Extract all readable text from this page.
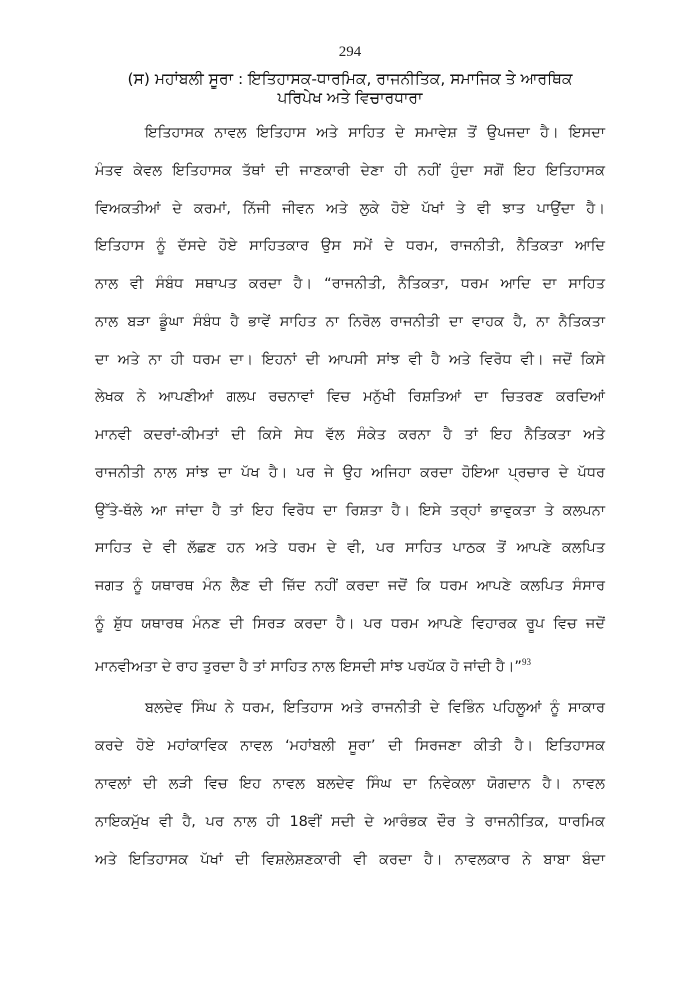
294
(ਸ) ਮਹਾਂਬਲੀ ਸੂਰਾ : ਇਤਿਹਾਸਕ-ਧਾਰਮਿਕ, ਰਾਜਨੀਤਿਕ, ਸਮਾਜਿਕ ਤੇ ਆਰਥਿਕ
ਪਰਿਪੇਖ ਅਤੇ ਵਿਚਾਰਧਾਰਾ
ਇਤਿਹਾਸਕ ਨਾਵਲ ਇਤਿਹਾਸ ਅਤੇ ਸਾਹਿਤ ਦੇ ਸਮਾਵੇਸ਼ ਤੋਂ ਉਪਜਦਾ ਹੈ। ਇਸਦਾ
ਮੰਤਵ ਕੇਵਲ ਇਤਿਹਾਸਕ ਤੱਥਾਂ ਦੀ ਜਾਣਕਾਰੀ ਦੇਣਾ ਹੀ ਨਹੀਂ ਹੁੰਦਾ ਸਗੋਂ ਇਹ ਇਤਿਹਾਸਕ
ਵਿਅਕਤੀਆਂ ਦੇ ਕਰਮਾਂ, ਨਿੱਜੀ ਜੀਵਨ ਅਤੇ ਲੁਕੇ ਹੋਏ ਪੱਖਾਂ ਤੇ ਵੀ ਝਾਤ ਪਾਉਂਦਾ ਹੈ।
ਇਤਿਹਾਸ ਨੂੰ ਦੱਸਦੇ ਹੋਏ ਸਾਹਿਤਕਾਰ ਉਸ ਸਮੇਂ ਦੇ ਧਰਮ, ਰਾਜਨੀਤੀ, ਨੈਤਿਕਤਾ ਆਦਿ
ਨਾਲ ਵੀ ਸੰਬੰਧ ਸਥਾਪਤ ਕਰਦਾ ਹੈ। “ਰਾਜਨੀਤੀ, ਨੈਤਿਕਤਾ, ਧਰਮ ਆਦਿ ਦਾ ਸਾਹਿਤ
ਨਾਲ ਬੜਾ ਡੂੰਘਾ ਸੰਬੰਧ ਹੈ ਭਾਵੇਂ ਸਾਹਿਤ ਨਾ ਨਿਰੋਲ ਰਾਜਨੀਤੀ ਦਾ ਵਾਹਕ ਹੈ, ਨਾ ਨੈਤਿਕਤਾ
ਦਾ ਅਤੇ ਨਾ ਹੀ ਧਰਮ ਦਾ। ਇਹਨਾਂ ਦੀ ਆਪਸੀ ਸਾਂਝ ਵੀ ਹੈ ਅਤੇ ਵਿਰੋਧ ਵੀ। ਜਦੋਂ ਕਿਸੇ
ਲੇਖਕ ਨੇ ਆਪਣੀਆਂ ਗਲਪ ਰਚਨਾਵਾਂ ਵਿਚ ਮਨੁੱਖੀ ਰਿਸ਼ਤਿਆਂ ਦਾ ਚਿਤਰਣ ਕਰਦਿਆਂ
ਮਾਨਵੀ ਕਦਰਾਂ-ਕੀਮਤਾਂ ਦੀ ਕਿਸੇ ਸੇਧ ਵੱਲ ਸੰਕੇਤ ਕਰਨਾ ਹੈ ਤਾਂ ਇਹ ਨੈਤਿਕਤਾ ਅਤੇ
ਰਾਜਨੀਤੀ ਨਾਲ ਸਾਂਝ ਦਾ ਪੱਖ ਹੈ। ਪਰ ਜੇ ਉਹ ਅਜਿਹਾ ਕਰਦਾ ਹੋਇਆ ਪ੍ਰਚਾਰ ਦੇ ਪੱਧਰ
ਉੱਤੇ-ਥੱਲੇ ਆ ਜਾਂਦਾ ਹੈ ਤਾਂ ਇਹ ਵਿਰੋਧ ਦਾ ਰਿਸ਼ਤਾ ਹੈ। ਇਸੇ ਤਰ੍ਹਾਂ ਭਾਵੁਕਤਾ ਤੇ ਕਲਪਨਾ
ਸਾਹਿਤ ਦੇ ਵੀ ਲੱਛਣ ਹਨ ਅਤੇ ਧਰਮ ਦੇ ਵੀ, ਪਰ ਸਾਹਿਤ ਪਾਠਕ ਤੋਂ ਆਪਣੇ ਕਲਪਿਤ
ਜਗਤ ਨੂੰ ਯਥਾਰਥ ਮੰਨ ਲੈਣ ਦੀ ਜ਼ਿੱਦ ਨਹੀਂ ਕਰਦਾ ਜਦੋਂ ਕਿ ਧਰਮ ਆਪਣੇ ਕਲਪਿਤ ਸੰਸਾਰ
ਨੂੰ ਸ਼ੁੱਧ ਯਥਾਰਥ ਮੰਨਣ ਦੀ ਸਿਰੜ ਕਰਦਾ ਹੈ। ਪਰ ਧਰਮ ਆਪਣੇ ਵਿਹਾਰਕ ਰੂਪ ਵਿਚ ਜਦੋਂ
ਮਾਨਵੀਅਤਾ ਦੇ ਰਾਹ ਤੁਰਦਾ ਹੈ ਤਾਂ ਸਾਹਿਤ ਨਾਲ ਇਸਦੀ ਸਾਂਝ ਪਰਪੱਕ ਹੋ ਜਾਂਦੀ ਹੈ।”$^{93}$
ਬਲਦੇਵ ਸਿੰਘ ਨੇ ਧਰਮ, ਇਤਿਹਾਸ ਅਤੇ ਰਾਜਨੀਤੀ ਦੇ ਵਿਭਿੰਨ ਪਹਿਲੂਆਂ ਨੂੰ ਸਾਕਾਰ
ਕਰਦੇ ਹੋਏ ਮਹਾਂਕਾਵਿਕ ਨਾਵਲ ‘ਮਹਾਂਬਲੀ ਸੂਰਾ’ ਦੀ ਸਿਰਜਣਾ ਕੀਤੀ ਹੈ। ਇਤਿਹਾਸਕ
ਨਾਵਲਾਂ ਦੀ ਲੜੀ ਵਿਚ ਇਹ ਨਾਵਲ ਬਲਦੇਵ ਸਿੰਘ ਦਾ ਨਿਵੇਕਲਾ ਯੋਗਦਾਨ ਹੈ। ਨਾਵਲ
ਨਾਇਕਮੁੱਖ ਵੀ ਹੈ, ਪਰ ਨਾਲ ਹੀ 18ਵੀਂ ਸਦੀ ਦੇ ਆਰੰਭਕ ਦੌਰ ਤੇ ਰਾਜਨੀਤਿਕ, ਧਾਰਮਿਕ
ਅਤੇ ਇਤਿਹਾਸਕ ਪੱਖਾਂ ਦੀ ਵਿਸ਼ਲੇਸ਼ਣਕਾਰੀ ਵੀ ਕਰਦਾ ਹੈ। ਨਾਵਲਕਾਰ ਨੇ ਬਾਬਾ ਬੰਦਾ
